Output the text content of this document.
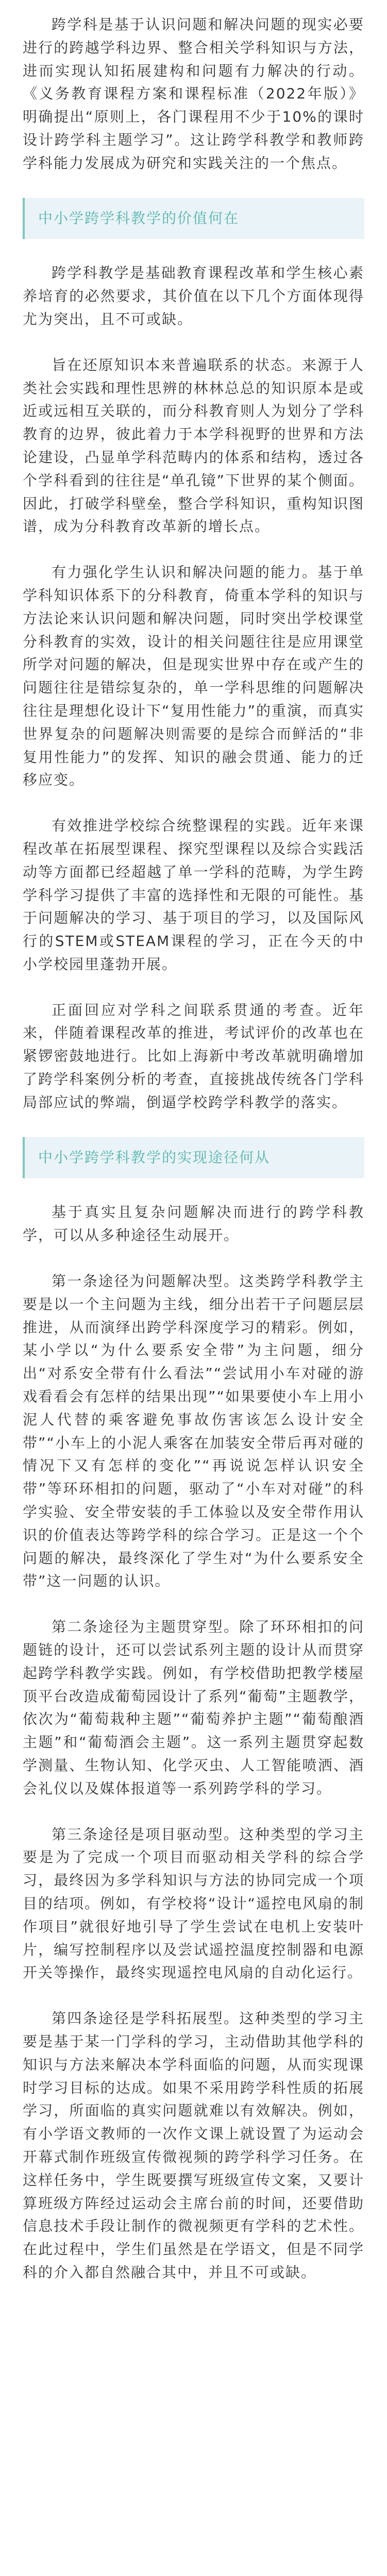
跨学科是基于认识问题和解决问题的现实必要进行的跨越学科边界、整合相关学科知识与方法，进而实现认知拓展建构和问题有力解决的行动。《义务教育课程方案和课程标准（2022年版）》明确提出“原则上，各门课程用不少于10%的课时设计跨学科主题学习”。这让跨学科教学和教师跨学科能力发展成为研究和实践关注的一个焦点。

中小学跨学科教学的价值何在

跨学科教学是基础教育课程改革和学生核心素养培育的必然要求，其价值在以下几个方面体现得尤为突出，且不可或缺。

旨在还原知识本来普遍联系的状态。来源于人类社会实践和理性思辨的林林总总的知识原本是或近或远相互关联的，而分科教育则人为划分了学科教育的边界，彼此着力于本学科视野的世界和方法论建设，凸显单学科范畴内的体系和结构，透过各个学科看到的往往是“单孔镜”下世界的某个侧面。因此，打破学科壁垒，整合学科知识，重构知识图谱，成为分科教育改革新的增长点。

有力强化学生认识和解决问题的能力。基于单学科知识体系下的分科教育，倚重本学科的知识与方法论来认识问题和解决问题，同时突出学校课堂分科教育的实效，设计的相关问题往往是应用课堂所学对问题的解决，但是现实世界中存在或产生的问题往往是错综复杂的，单一学科思维的问题解决往往是理想化设计下“复用性能力”的重演，而真实世界复杂的问题解决则需要的是综合而鲜活的“非复用性能力”的发挥、知识的融会贯通、能力的迁移应变。

有效推进学校综合统整课程的实践。近年来课程改革在拓展型课程、探究型课程以及综合实践活动等方面都已经超越了单一学科的范畴，为学生跨学科学习提供了丰富的选择性和无限的可能性。基于问题解决的学习、基于项目的学习，以及国际风行的STEM或STEAM课程的学习，正在今天的中小学校园里蓬勃开展。

正面回应对学科之间联系贯通的考查。近年来，伴随着课程改革的推进，考试评价的改革也在紧锣密鼓地进行。比如上海新中考改革就明确增加了跨学科案例分析的考查，直接挑战传统各门学科局部应试的弊端，倒逼学校跨学科教学的落实。

中小学跨学科教学的实现途径何从

基于真实且复杂问题解决而进行的跨学科教学，可以从多种途径生动展开。

第一条途径为问题解决型。这类跨学科教学主要是以一个主问题为主线，细分出若干子问题层层推进，从而演绎出跨学科深度学习的精彩。例如，某小学以“为什么要系安全带”为主问题，细分出“对系安全带有什么看法”“尝试用小车对碰的游戏看看会有怎样的结果出现”“如果要使小车上用小泥人代替的乘客避免事故伤害该怎么设计安全带”“小车上的小泥人乘客在加装安全带后再对碰的情况下又有怎样的变化”“再说说怎样认识安全带”等环环相扣的问题，驱动了“小车对对碰”的科学实验、安全带安装的手工体验以及安全带作用认识的价值表达等跨学科的综合学习。正是这一个个问题的解决，最终深化了学生对“为什么要系安全带”这一问题的认识。

第二条途径为主题贯穿型。除了环环相扣的问题链的设计，还可以尝试系列主题的设计从而贯穿起跨学科教学实践。例如，有学校借助把教学楼屋顶平台改造成葡萄园设计了系列“葡萄”主题教学，依次为“葡萄栽种主题”“葡萄养护主题”“葡萄酿酒主题”和“葡萄酒会主题”。这一系列主题贯穿起数学测量、生物认知、化学灭虫、人工智能喷洒、酒会礼仪以及媒体报道等一系列跨学科的学习。

第三条途径是项目驱动型。这种类型的学习主要是为了完成一个项目而驱动相关学科的综合学习，最终因为多学科知识与方法的协同完成一个项目的结项。例如，有学校将“设计“遥控电风扇的制作项目”就很好地引导了学生尝试在电机上安装叶片，编写控制程序以及尝试遥控温度控制器和电源开关等操作，最终实现遥控电风扇的自动化运行。

第四条途径是学科拓展型。这种类型的学习主要是基于某一门学科的学习，主动借助其他学科的知识与方法来解决本学科面临的问题，从而实现课时学习目标的达成。如果不采用跨学科性质的拓展学习，所面临的真实问题就难以有效解决。例如，有小学语文教师的一次作文课上就设置了为运动会开幕式制作班级宣传微视频的跨学科学习任务。在这样任务中，学生既要撰写班级宣传文案，又要计算班级方阵经过运动会主席台前的时间，还要借助信息技术手段让制作的微视频更有学科的艺术性。在此过程中，学生们虽然是在学语文，但是不同学科的介入都自然融合其中，并且不可或缺。
